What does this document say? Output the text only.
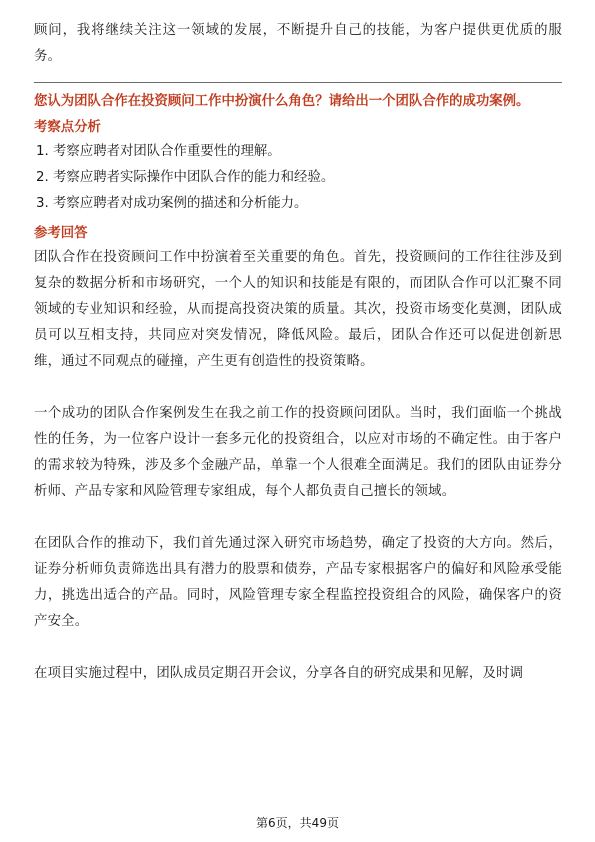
顾问，我将继续关注这一领域的发展，不断提升自己的技能，为客户提供更优质的服务。

您认为团队合作在投资顾问工作中扮演什么角色？请给出一个团队合作的成功案例。

考察点分析

1. 考察应聘者对团队合作重要性的理解。

2. 考察应聘者实际操作中团队合作的能力和经验。

3. 考察应聘者对成功案例的描述和分析能力。

参考回答

团队合作在投资顾问工作中扮演着至关重要的角色。首先，投资顾问的工作往往涉及到复杂的数据分析和市场研究，一个人的知识和技能是有限的，而团队合作可以汇聚不同领域的专业知识和经验，从而提高投资决策的质量。其次，投资市场变化莫测，团队成员可以互相支持，共同应对突发情况，降低风险。最后，团队合作还可以促进创新思维，通过不同观点的碰撞，产生更有创造性的投资策略。

一个成功的团队合作案例发生在我之前工作的投资顾问团队。当时，我们面临一个挑战性的任务，为一位客户设计一套多元化的投资组合，以应对市场的不确定性。由于客户的需求较为特殊，涉及多个金融产品，单靠一个人很难全面满足。我们的团队由证券分析师、产品专家和风险管理专家组成，每个人都负责自己擅长的领域。

在团队合作的推动下，我们首先通过深入研究市场趋势，确定了投资的大方向。然后，证券分析师负责筛选出具有潜力的股票和债券，产品专家根据客户的偏好和风险承受能力，挑选出适合的产品。同时，风险管理专家全程监控投资组合的风险，确保客户的资产安全。

在项目实施过程中，团队成员定期召开会议，分享各自的研究成果和见解，及时调

第6页，共49页
